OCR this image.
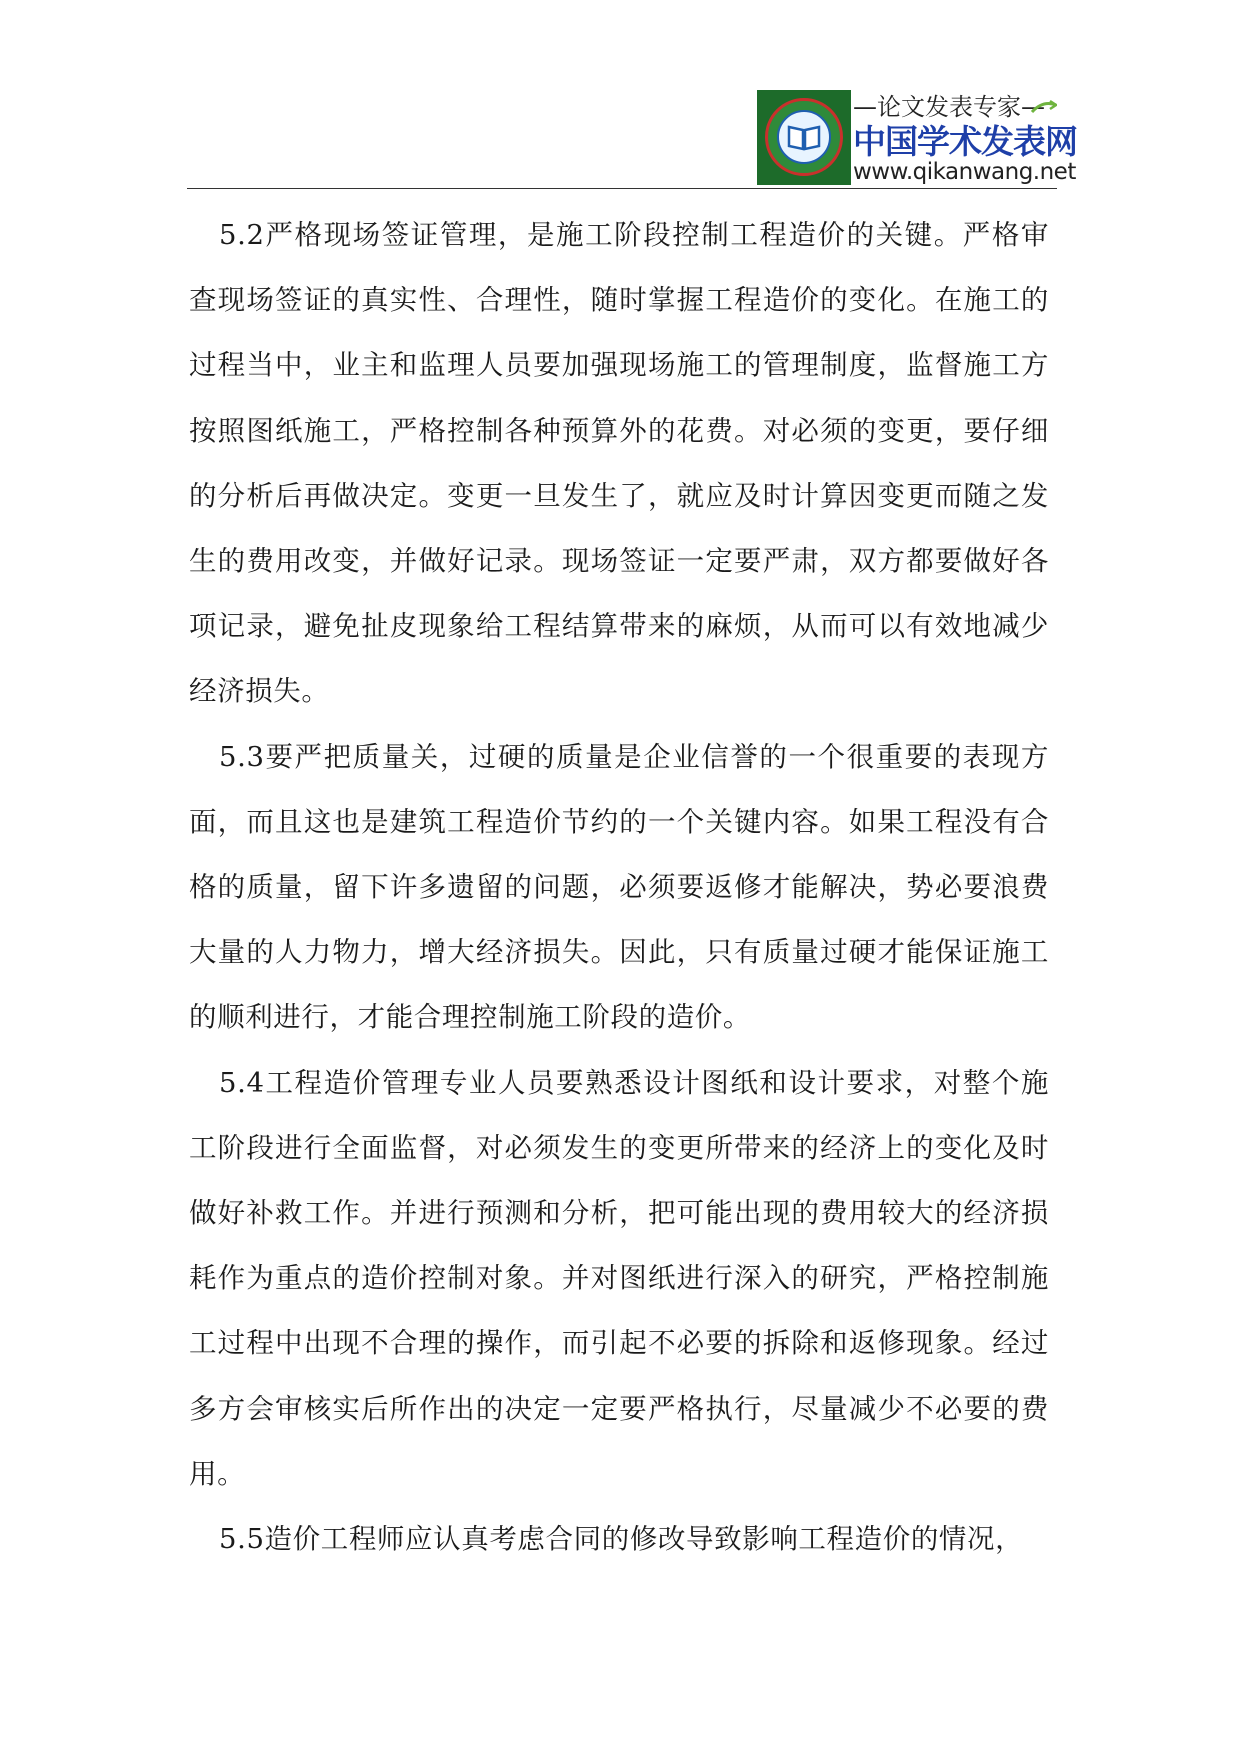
—论文发表专家—
中国学术发表网
www.qikanwang.net

5.2严格现场签证管理，是施工阶段控制工程造价的关键。严格审查现场签证的真实性、合理性，随时掌握工程造价的变化。在施工的过程当中，业主和监理人员要加强现场施工的管理制度，监督施工方按照图纸施工，严格控制各种预算外的花费。对必须的变更，要仔细的分析后再做决定。变更一旦发生了，就应及时计算因变更而随之发生的费用改变，并做好记录。现场签证一定要严肃，双方都要做好各项记录，避免扯皮现象给工程结算带来的麻烦，从而可以有效地减少经济损失。

5.3要严把质量关，过硬的质量是企业信誉的一个很重要的表现方面，而且这也是建筑工程造价节约的一个关键内容。如果工程没有合格的质量，留下许多遗留的问题，必须要返修才能解决，势必要浪费大量的人力物力，增大经济损失。因此，只有质量过硬才能保证施工的顺利进行，才能合理控制施工阶段的造价。

5.4工程造价管理专业人员要熟悉设计图纸和设计要求，对整个施工阶段进行全面监督，对必须发生的变更所带来的经济上的变化及时做好补救工作。并进行预测和分析，把可能出现的费用较大的经济损耗作为重点的造价控制对象。并对图纸进行深入的研究，严格控制施工过程中出现不合理的操作，而引起不必要的拆除和返修现象。经过多方会审核实后所作出的决定一定要严格执行，尽量减少不必要的费用。

5.5造价工程师应认真考虑合同的修改导致影响工程造价的情况，
